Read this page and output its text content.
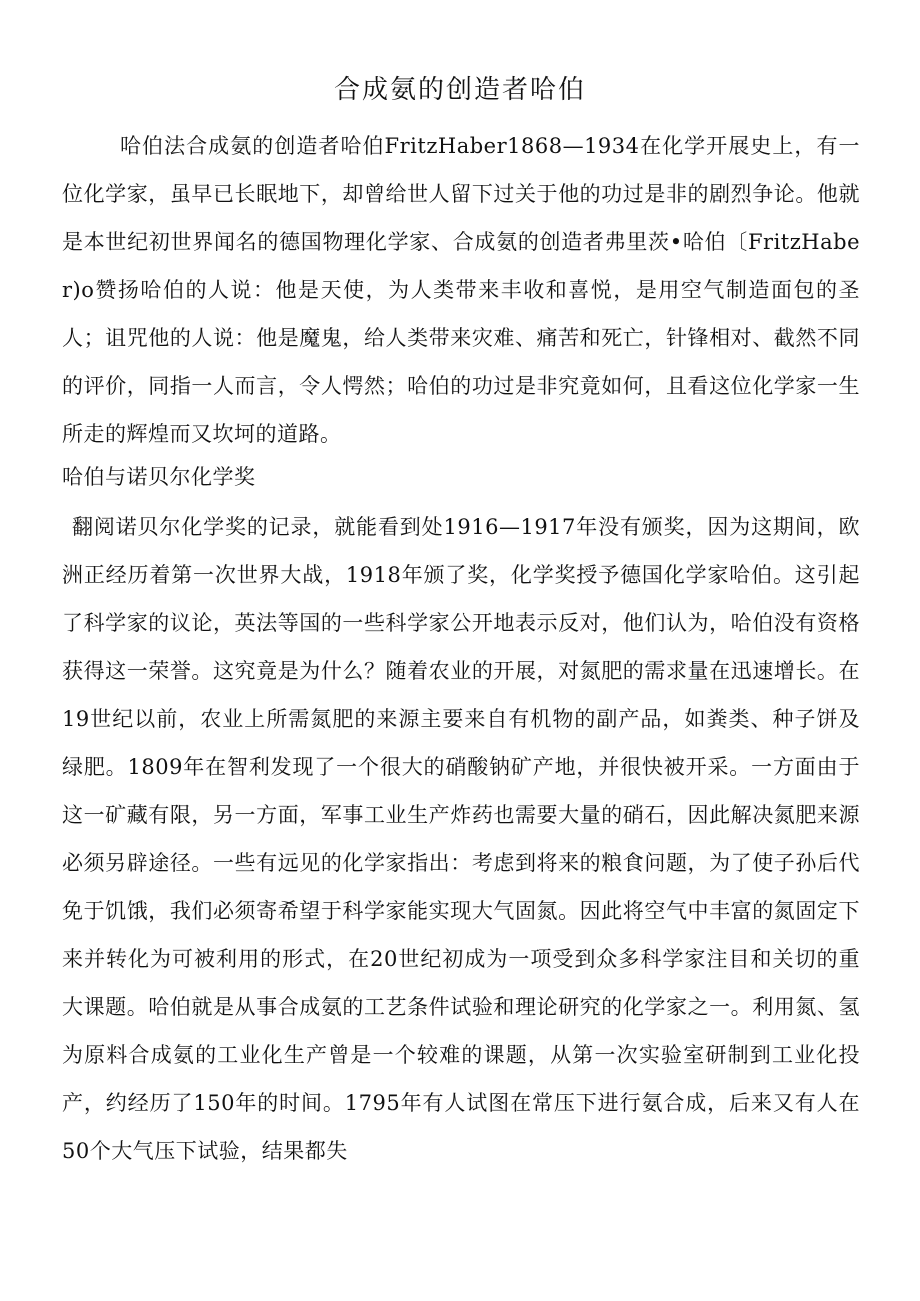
合成氨的创造者哈伯

哈伯法合成氨的创造者哈伯FritzHaber1868—1934在化学开展史上，有一位化学家，虽早已长眠地下，却曾给世人留下过关于他的功过是非的剧烈争论。他就是本世纪初世界闻名的德国物理化学家、合成氨的创造者弗里茨•哈伯〔FritzHaber)o赞扬哈伯的人说：他是天使，为人类带来丰收和喜悦，是用空气制造面包的圣人；诅咒他的人说：他是魔鬼，给人类带来灾难、痛苦和死亡，针锋相对、截然不同的评价，同指一人而言，令人愕然；哈伯的功过是非究竟如何，且看这位化学家一生所走的辉煌而又坎坷的道路。

哈伯与诺贝尔化学奖

翻阅诺贝尔化学奖的记录，就能看到处1916—1917年没有颁奖，因为这期间，欧洲正经历着第一次世界大战，1918年颁了奖，化学奖授予德国化学家哈伯。这引起了科学家的议论，英法等国的一些科学家公开地表示反对，他们认为，哈伯没有资格获得这一荣誉。这究竟是为什么？随着农业的开展，对氮肥的需求量在迅速增长。在19世纪以前，农业上所需氮肥的来源主要来自有机物的副产品，如粪类、种子饼及绿肥。1809年在智利发现了一个很大的硝酸钠矿产地，并很快被开采。一方面由于这一矿藏有限，另一方面，军事工业生产炸药也需要大量的硝石，因此解决氮肥来源必须另辟途径。一些有远见的化学家指出：考虑到将来的粮食问题，为了使子孙后代免于饥饿，我们必须寄希望于科学家能实现大气固氮。因此将空气中丰富的氮固定下来并转化为可被利用的形式，在20世纪初成为一项受到众多科学家注目和关切的重大课题。哈伯就是从事合成氨的工艺条件试验和理论研究的化学家之一。利用氮、氢为原料合成氨的工业化生产曾是一个较难的课题，从第一次实验室研制到工业化投产，约经历了150年的时间。1795年有人试图在常压下进行氨合成，后来又有人在50个大气压下试验，结果都失
